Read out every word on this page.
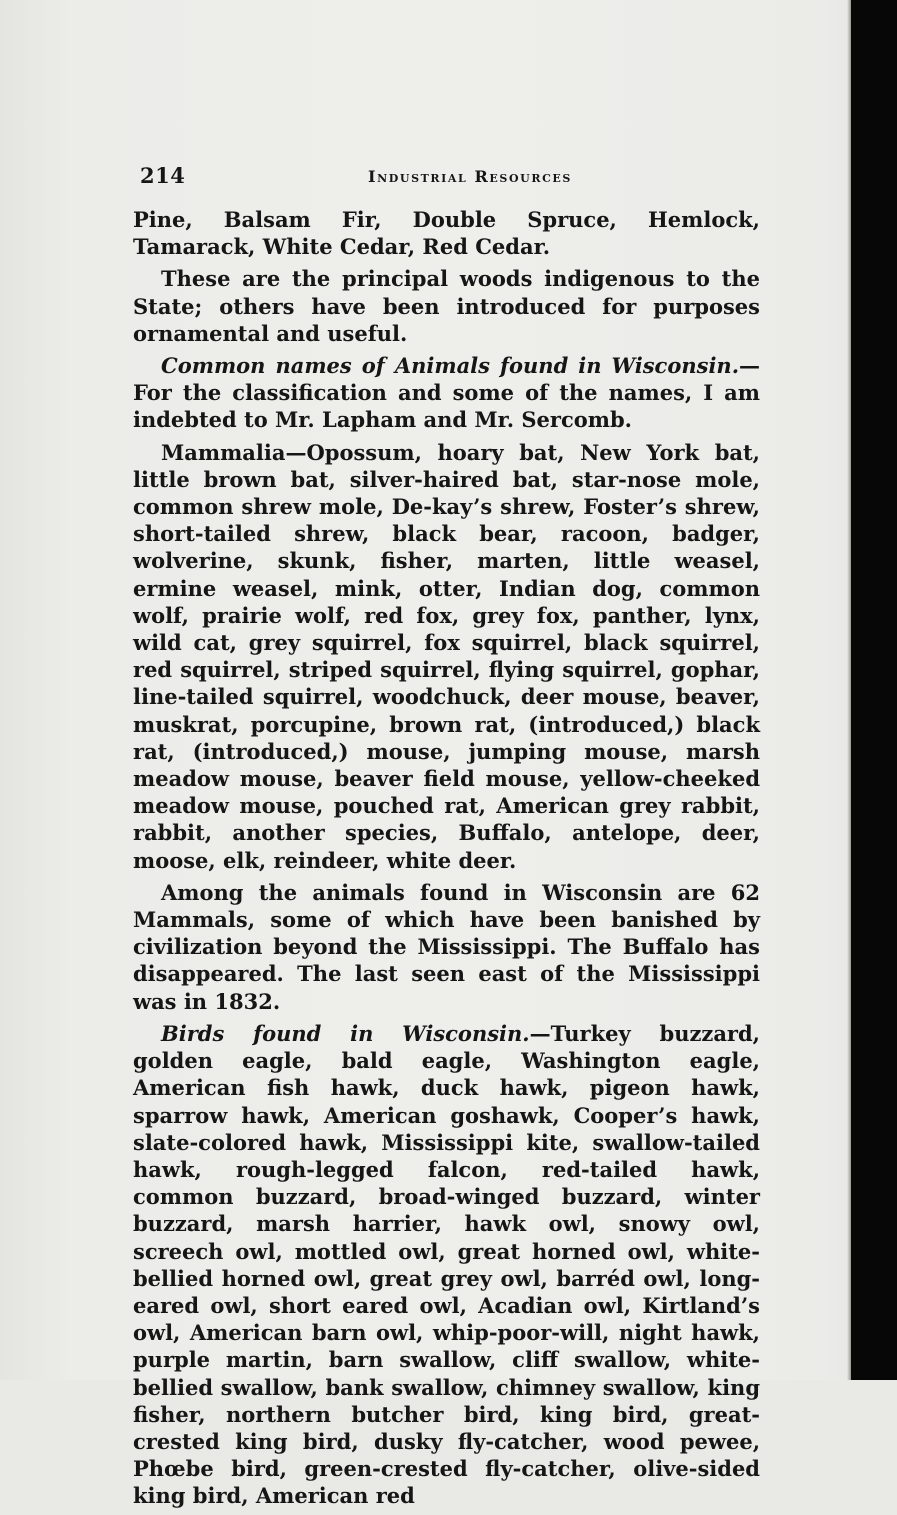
214	Industrial Resources

Pine, Balsam Fir, Double Spruce, Hemlock, Tamarack, White Cedar, Red Cedar.

These are the principal woods indigenous to the State; others have been introduced for purposes ornamental and useful.

Common names of Animals found in Wisconsin.—For the classification and some of the names, I am indebted to Mr. Lapham and Mr. Sercomb.

Mammalia—Opossum, hoary bat, New York bat, little brown bat, silver-haired bat, star-nose mole, common shrew mole, De-kay’s shrew, Foster’s shrew, short-tailed shrew, black bear, racoon, badger, wolverine, skunk, fisher, marten, little weasel, ermine weasel, mink, otter, Indian dog, common wolf, prairie wolf, red fox, grey fox, panther, lynx, wild cat, grey squirrel, fox squirrel, black squirrel, red squirrel, striped squirrel, flying squirrel, gophar, line-tailed squirrel, woodchuck, deer mouse, beaver, muskrat, porcupine, brown rat, (introduced,) black rat, (introduced,) mouse, jumping mouse, marsh meadow mouse, beaver field mouse, yellow-cheeked meadow mouse, pouched rat, American grey rabbit, rabbit, another species, Buffalo, antelope, deer, moose, elk, reindeer, white deer.

Among the animals found in Wisconsin are 62 Mammals, some of which have been banished by civilization beyond the Mississippi. The Buffalo has disappeared. The last seen east of the Mississippi was in 1832.

Birds found in Wisconsin.—Turkey buzzard, golden eagle, bald eagle, Washington eagle, American fish hawk, duck hawk, pigeon hawk, sparrow hawk, American goshawk, Cooper’s hawk, slate-colored hawk, Mississippi kite, swallow-tailed hawk, rough-legged falcon, red-tailed hawk, common buzzard, broad-winged buzzard, winter buzzard, marsh harrier, hawk owl, snowy owl, screech owl, mottled owl, great horned owl, white-bellied horned owl, great grey owl, barréd owl, long-eared owl, short eared owl, Acadian owl, Kirtland’s owl, American barn owl, whip-poor-will, night hawk, purple martin, barn swallow, cliff swallow, white-bellied swallow, bank swallow, chimney swallow, king fisher, northern butcher bird, king bird, great-crested king bird, dusky fly-catcher, wood pewee, Phœbe bird, green-crested fly-catcher, olive-sided king bird, American red
